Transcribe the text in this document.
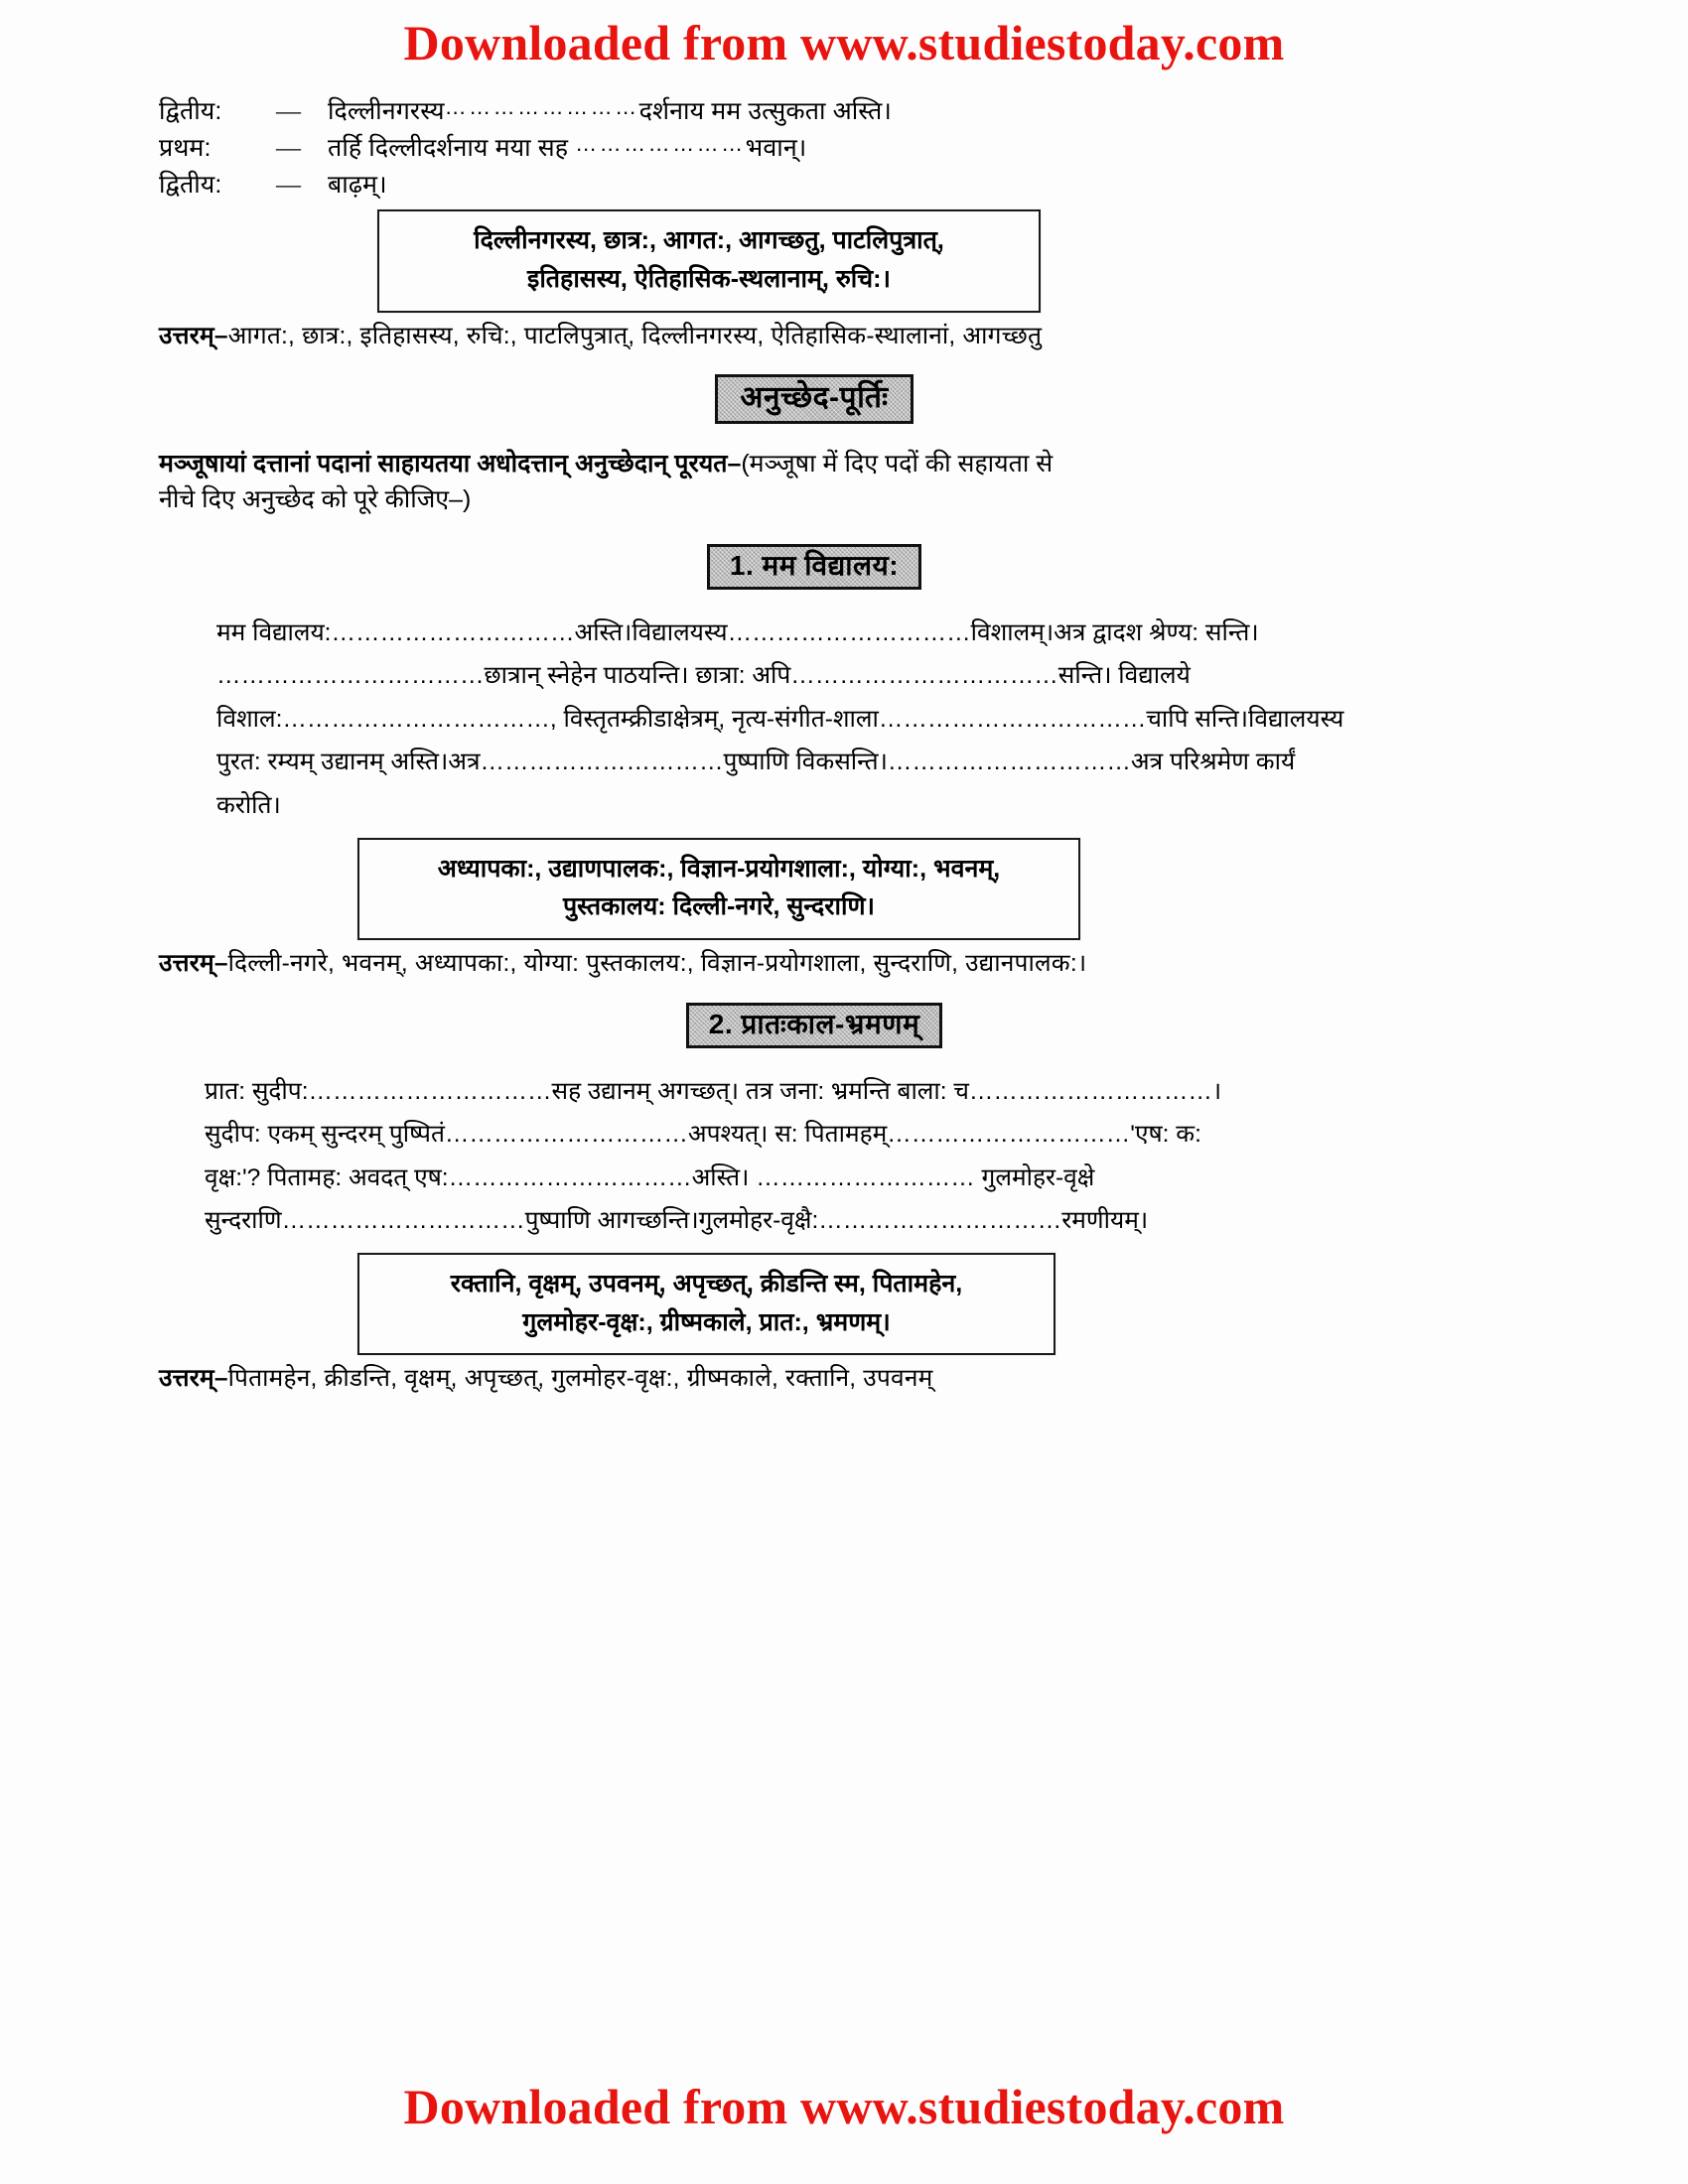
Downloaded from www.studiestoday.com
द्वितीय:	—	दिल्लीनगरस्य……………………दर्शनाय मम उत्सुकता अस्ति।
प्रथम:	—	तर्हि दिल्लीदर्शनाय मया सह …………………भवान्।
द्वितीय:	—	बाढ़म्।
दिल्लीनगरस्य, छात्र:, आगत:, आगच्छतु, पाटलिपुत्रात्,
इतिहासस्य, ऐतिहासिक-स्थलानाम्, रुचि:।
उत्तरम्–आगत:, छात्र:, इतिहासस्य, रुचि:, पाटलिपुत्रात्, दिल्लीनगरस्य, ऐतिहासिक-स्थालानां, आगच्छतु
अनुच्छेद-पूर्तिः
मञ्जूषायां दत्तानां पदानां साहायतया अधोदत्तान् अनुच्छेदान् पूरयत–(मञ्जूषा में दिए पदों की सहायता से
नीचे दिए अनुच्छेद को पूरे कीजिए–)
1. मम विद्यालय:
मम विद्यालय:…………………………अस्ति।विद्यालयस्य…………………………विशालम्।अत्र द्वादश श्रेण्य: सन्ति।
……………………………छात्रान् स्नेहेन पाठयन्ति। छात्रा: अपि……………………………सन्ति। विद्यालये
विशाल:……………………………, विस्तृतम्क्रीडाक्षेत्रम्, नृत्य-संगीत-शाला……………………………चापि सन्ति।विद्यालयस्य
पुरत: रम्यम् उद्यानम् अस्ति।अत्र…………………………पुष्पाणि विकसन्ति।…………………………अत्र परिश्रमेण कार्यं
करोति।
अध्यापका:, उद्याणपालक:, विज्ञान-प्रयोगशाला:, योग्या:, भवनम्,
पुस्तकालय: दिल्ली-नगरे, सुन्दराणि।
उत्तरम्–दिल्ली-नगरे, भवनम्, अध्यापका:, योग्या: पुस्तकालय:, विज्ञान-प्रयोगशाला, सुन्दराणि, उद्यानपालक:।
2. प्रातःकाल-भ्रमणम्
प्रात: सुदीप:…………………………सह उद्यानम् अगच्छत्। तत्र जना: भ्रमन्ति बाला: च…………………………।
सुदीप: एकम् सुन्दरम् पुष्पितं…………………………अपश्यत्। स: पितामहम्…………………………'एष: क:
वृक्ष:'? पितामह: अवदत् एष:…………………………अस्ति। ……………………… गुलमोहर-वृक्षे
सुन्दराणि…………………………पुष्पाणि आगच्छन्ति।गुलमोहर-वृक्षै:…………………………रमणीयम्।
रक्तानि, वृक्षम्, उपवनम्, अपृच्छत्, क्रीडन्ति स्म, पितामहेन,
गुलमोहर-वृक्ष:, ग्रीष्मकाले, प्रात:, भ्रमणम्।
उत्तरम्–पितामहेन, क्रीडन्ति, वृक्षम्, अपृच्छत्, गुलमोहर-वृक्ष:, ग्रीष्मकाले, रक्तानि, उपवनम्
Downloaded from www.studiestoday.com
